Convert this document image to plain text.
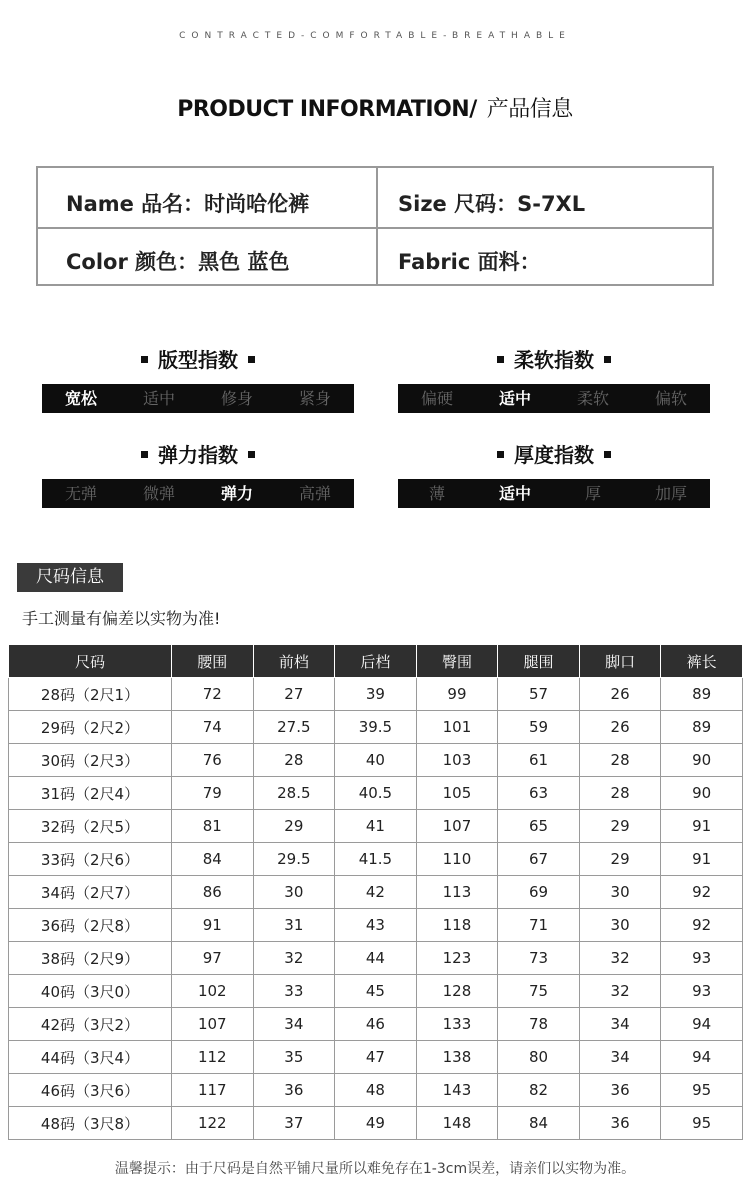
CONTRACTED-COMFORTABLE-BREATHABLE
PRODUCT INFORMATION/ 产品信息
Name 品名：时尚哈伦裤	Size 尺码：S-7XL
Color 颜色：黑色 蓝色	Fabric 面料：
版型指数
宽松	适中	修身	紧身
柔软指数
偏硬	适中	柔软	偏软
弹力指数
无弹	微弹	弹力	高弹
厚度指数
薄	适中	厚	加厚
尺码信息
手工测量有偏差以实物为准!
尺码	腰围	前档	后档	臀围	腿围	脚口	裤长
28码（2尺1）	72	27	39	99	57	26	89
29码（2尺2）	74	27.5	39.5	101	59	26	89
30码（2尺3）	76	28	40	103	61	28	90
31码（2尺4）	79	28.5	40.5	105	63	28	90
32码（2尺5）	81	29	41	107	65	29	91
33码（2尺6）	84	29.5	41.5	110	67	29	91
34码（2尺7）	86	30	42	113	69	30	92
36码（2尺8）	91	31	43	118	71	30	92
38码（2尺9）	97	32	44	123	73	32	93
40码（3尺0）	102	33	45	128	75	32	93
42码（3尺2）	107	34	46	133	78	34	94
44码（3尺4）	112	35	47	138	80	34	94
46码（3尺6）	117	36	48	143	82	36	95
48码（3尺8）	122	37	49	148	84	36	95
温馨提示：由于尺码是自然平铺尺量所以难免存在1-3cm误差，请亲们以实物为准。
